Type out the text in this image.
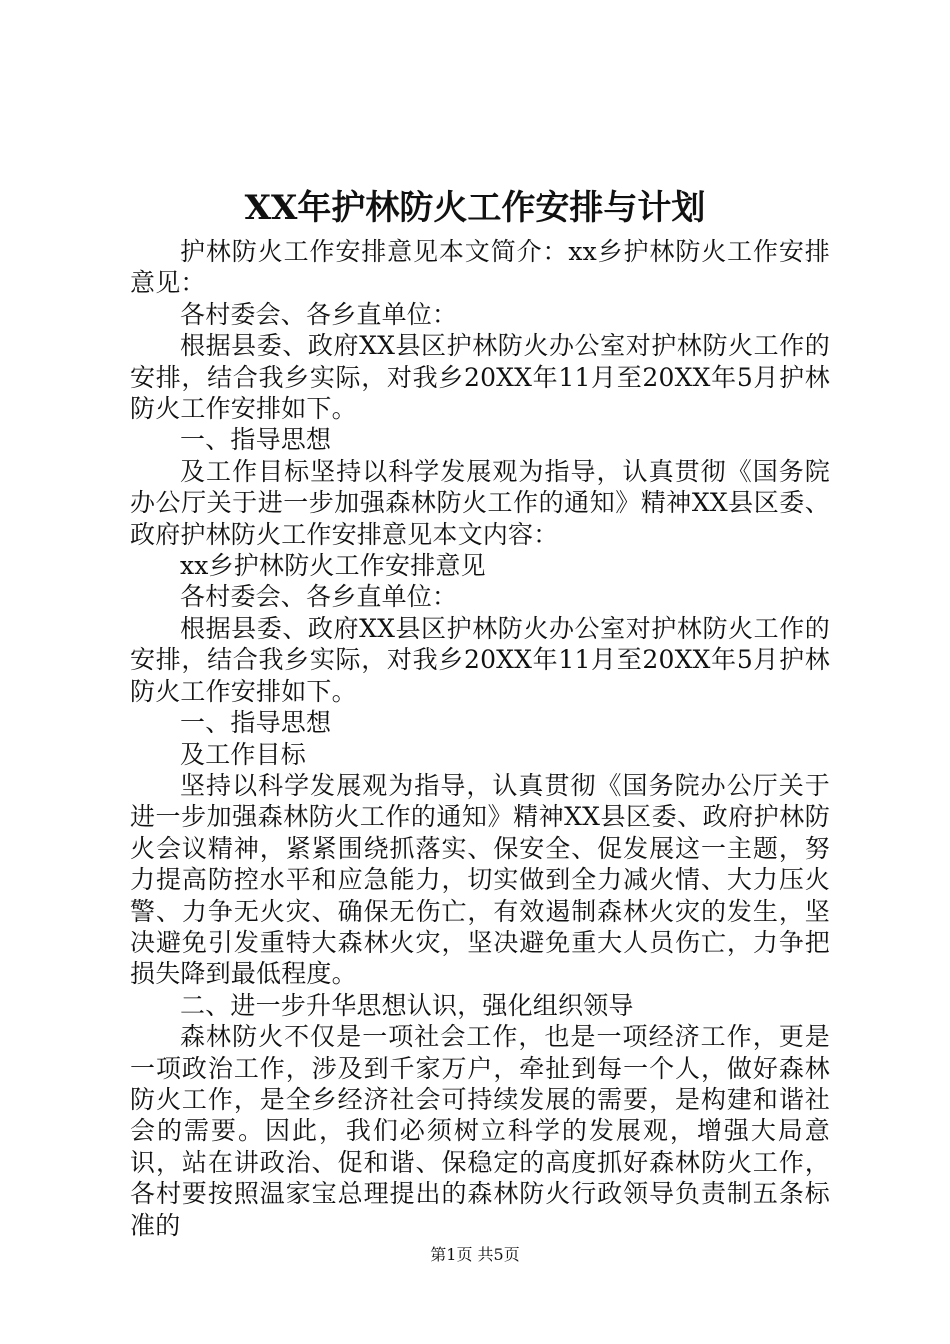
XX年护林防火工作安排与计划

护林防火工作安排意见本文简介：xx乡护林防火工作安排意见：

各村委会、各乡直单位：

根据县委、政府XX县区护林防火办公室对护林防火工作的安排，结合我乡实际，对我乡20XX年11月至20XX年5月护林防火工作安排如下。

一、指导思想

及工作目标坚持以科学发展观为指导，认真贯彻《国务院办公厅关于进一步加强森林防火工作的通知》精神XX县区委、政府护林防火工作安排意见本文内容：

xx乡护林防火工作安排意见

各村委会、各乡直单位：

根据县委、政府XX县区护林防火办公室对护林防火工作的安排，结合我乡实际，对我乡20XX年11月至20XX年5月护林防火工作安排如下。

一、指导思想

及工作目标

坚持以科学发展观为指导，认真贯彻《国务院办公厅关于进一步加强森林防火工作的通知》精神XX县区委、政府护林防火会议精神，紧紧围绕抓落实、保安全、促发展这一主题，努力提高防控水平和应急能力，切实做到全力减火情、大力压火警、力争无火灾、确保无伤亡，有效遏制森林火灾的发生，坚决避免引发重特大森林火灾，坚决避免重大人员伤亡，力争把损失降到最低程度。

二、进一步升华思想认识，强化组织领导

森林防火不仅是一项社会工作，也是一项经济工作，更是一项政治工作，涉及到千家万户，牵扯到每一个人，做好森林防火工作，是全乡经济社会可持续发展的需要，是构建和谐社会的需要。因此，我们必须树立科学的发展观，增强大局意识，站在讲政治、促和谐、保稳定的高度抓好森林防火工作，各村要按照温家宝总理提出的森林防火行政领导负责制五条标准的

第1页 共5页
